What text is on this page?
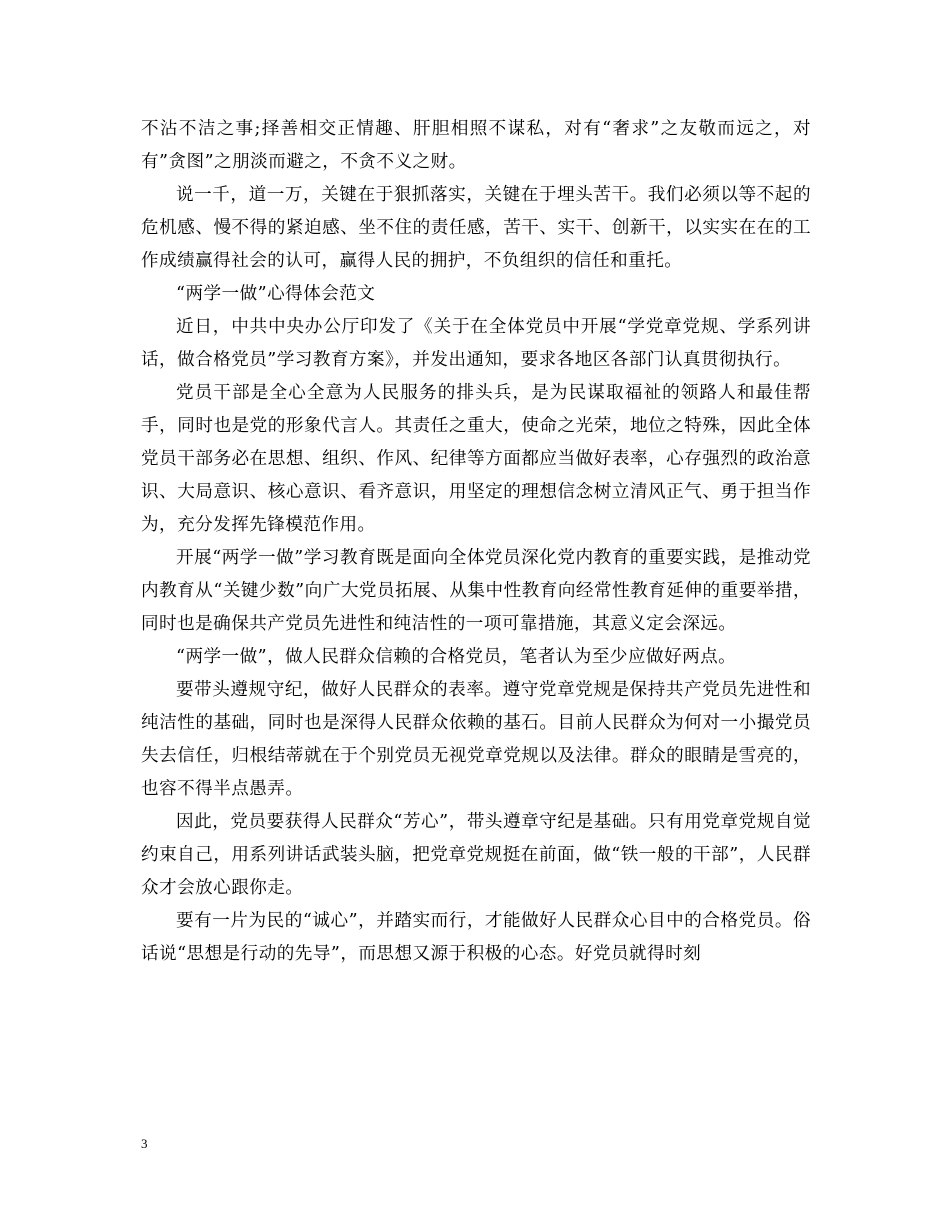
不沾不洁之事;择善相交正情趣、肝胆相照不谋私，对有“奢求”之友敬而远之，对有”贪图”之朋淡而避之，不贪不义之财。

说一千，道一万，关键在于狠抓落实，关键在于埋头苦干。我们必须以等不起的危机感、慢不得的紧迫感、坐不住的责任感，苦干、实干、创新干，以实实在在的工作成绩赢得社会的认可，赢得人民的拥护，不负组织的信任和重托。

“两学一做”心得体会范文

近日，中共中央办公厅印发了《关于在全体党员中开展“学党章党规、学系列讲话，做合格党员”学习教育方案》，并发出通知，要求各地区各部门认真贯彻执行。

党员干部是全心全意为人民服务的排头兵，是为民谋取福祉的领路人和最佳帮手，同时也是党的形象代言人。其责任之重大，使命之光荣，地位之特殊，因此全体党员干部务必在思想、组织、作风、纪律等方面都应当做好表率，心存强烈的政治意识、大局意识、核心意识、看齐意识，用坚定的理想信念树立清风正气、勇于担当作为，充分发挥先锋模范作用。

开展“两学一做”学习教育既是面向全体党员深化党内教育的重要实践，是推动党内教育从“关键少数”向广大党员拓展、从集中性教育向经常性教育延伸的重要举措，同时也是确保共产党员先进性和纯洁性的一项可靠措施，其意义定会深远。

“两学一做”，做人民群众信赖的合格党员，笔者认为至少应做好两点。

要带头遵规守纪，做好人民群众的表率。遵守党章党规是保持共产党员先进性和纯洁性的基础，同时也是深得人民群众依赖的基石。目前人民群众为何对一小撮党员失去信任，归根结蒂就在于个别党员无视党章党规以及法律。群众的眼睛是雪亮的，也容不得半点愚弄。

因此，党员要获得人民群众“芳心”，带头遵章守纪是基础。只有用党章党规自觉约束自己，用系列讲话武装头脑，把党章党规挺在前面，做“铁一般的干部”，人民群众才会放心跟你走。

要有一片为民的“诚心”，并踏实而行，才能做好人民群众心目中的合格党员。俗话说“思想是行动的先导”，而思想又源于积极的心态。好党员就得时刻

3
